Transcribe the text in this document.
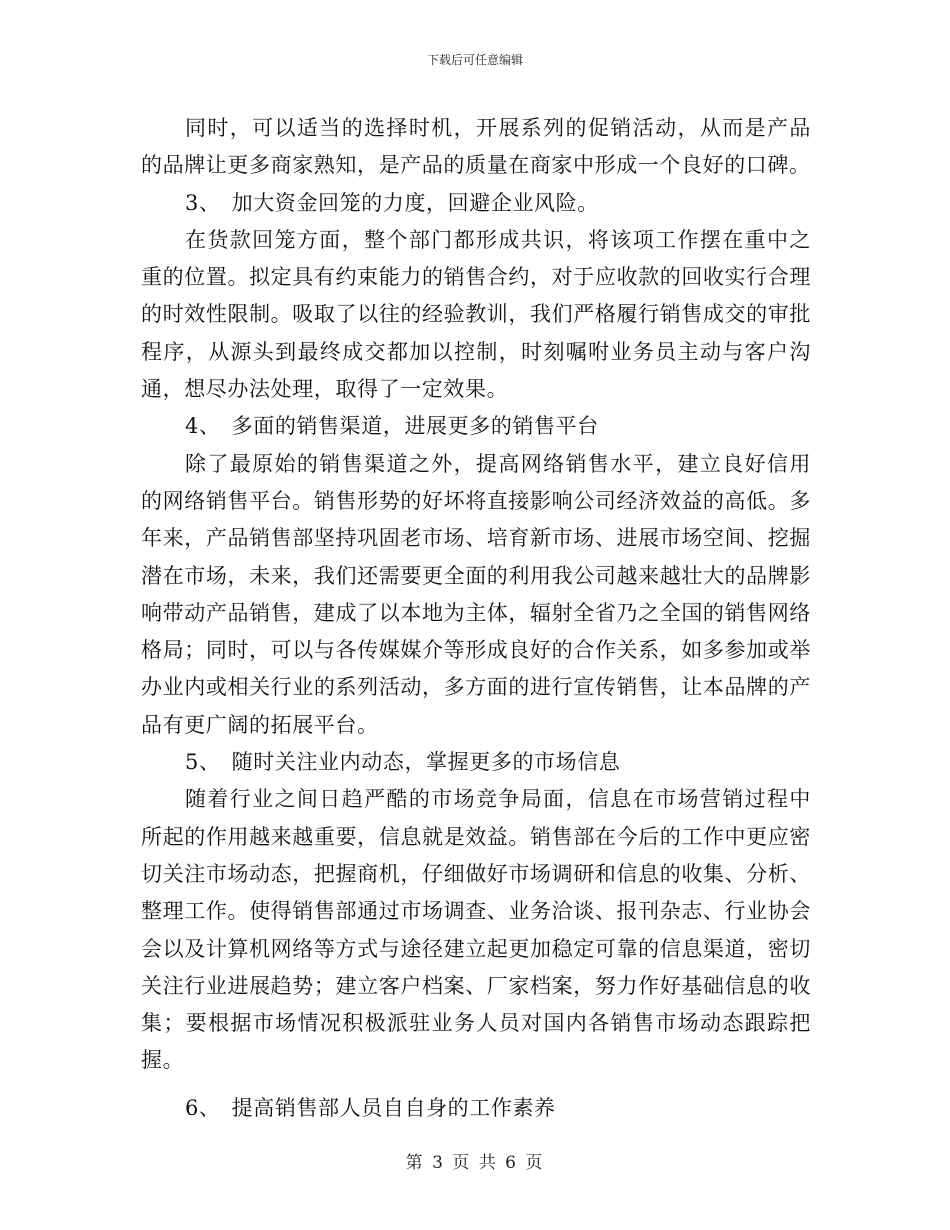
下载后可任意编辑

同时，可以适当的选择时机，开展系列的促销活动，从而是产品的品牌让更多商家熟知，是产品的质量在商家中形成一个良好的口碑。

3、　加大资金回笼的力度，回避企业风险。

在货款回笼方面，整个部门都形成共识，将该项工作摆在重中之重的位置。拟定具有约束能力的销售合约，对于应收款的回收实行合理的时效性限制。吸取了以往的经验教训，我们严格履行销售成交的审批程序，从源头到最终成交都加以控制，时刻嘱咐业务员主动与客户沟通，想尽办法处理，取得了一定效果。

4、　多面的销售渠道，进展更多的销售平台

除了最原始的销售渠道之外，提高网络销售水平，建立良好信用的网络销售平台。销售形势的好坏将直接影响公司经济效益的高低。多年来，产品销售部坚持巩固老市场、培育新市场、进展市场空间、挖掘潜在市场，未来，我们还需要更全面的利用我公司越来越壮大的品牌影响带动产品销售，建成了以本地为主体，辐射全省乃之全国的销售网络格局；同时，可以与各传媒媒介等形成良好的合作关系，如多参加或举办业内或相关行业的系列活动，多方面的进行宣传销售，让本品牌的产品有更广阔的拓展平台。

5、　随时关注业内动态，掌握更多的市场信息

随着行业之间日趋严酷的市场竞争局面，信息在市场营销过程中所起的作用越来越重要，信息就是效益。销售部在今后的工作中更应密切关注市场动态，把握商机，仔细做好市场调研和信息的收集、分析、整理工作。使得销售部通过市场调查、业务洽谈、报刊杂志、行业协会会以及计算机网络等方式与途径建立起更加稳定可靠的信息渠道，密切关注行业进展趋势；建立客户档案、厂家档案，努力作好基础信息的收集；要根据市场情况积极派驻业务人员对国内各销售市场动态跟踪把握。

6、　提高销售部人员自自身的工作素养

第 3 页 共 6 页
